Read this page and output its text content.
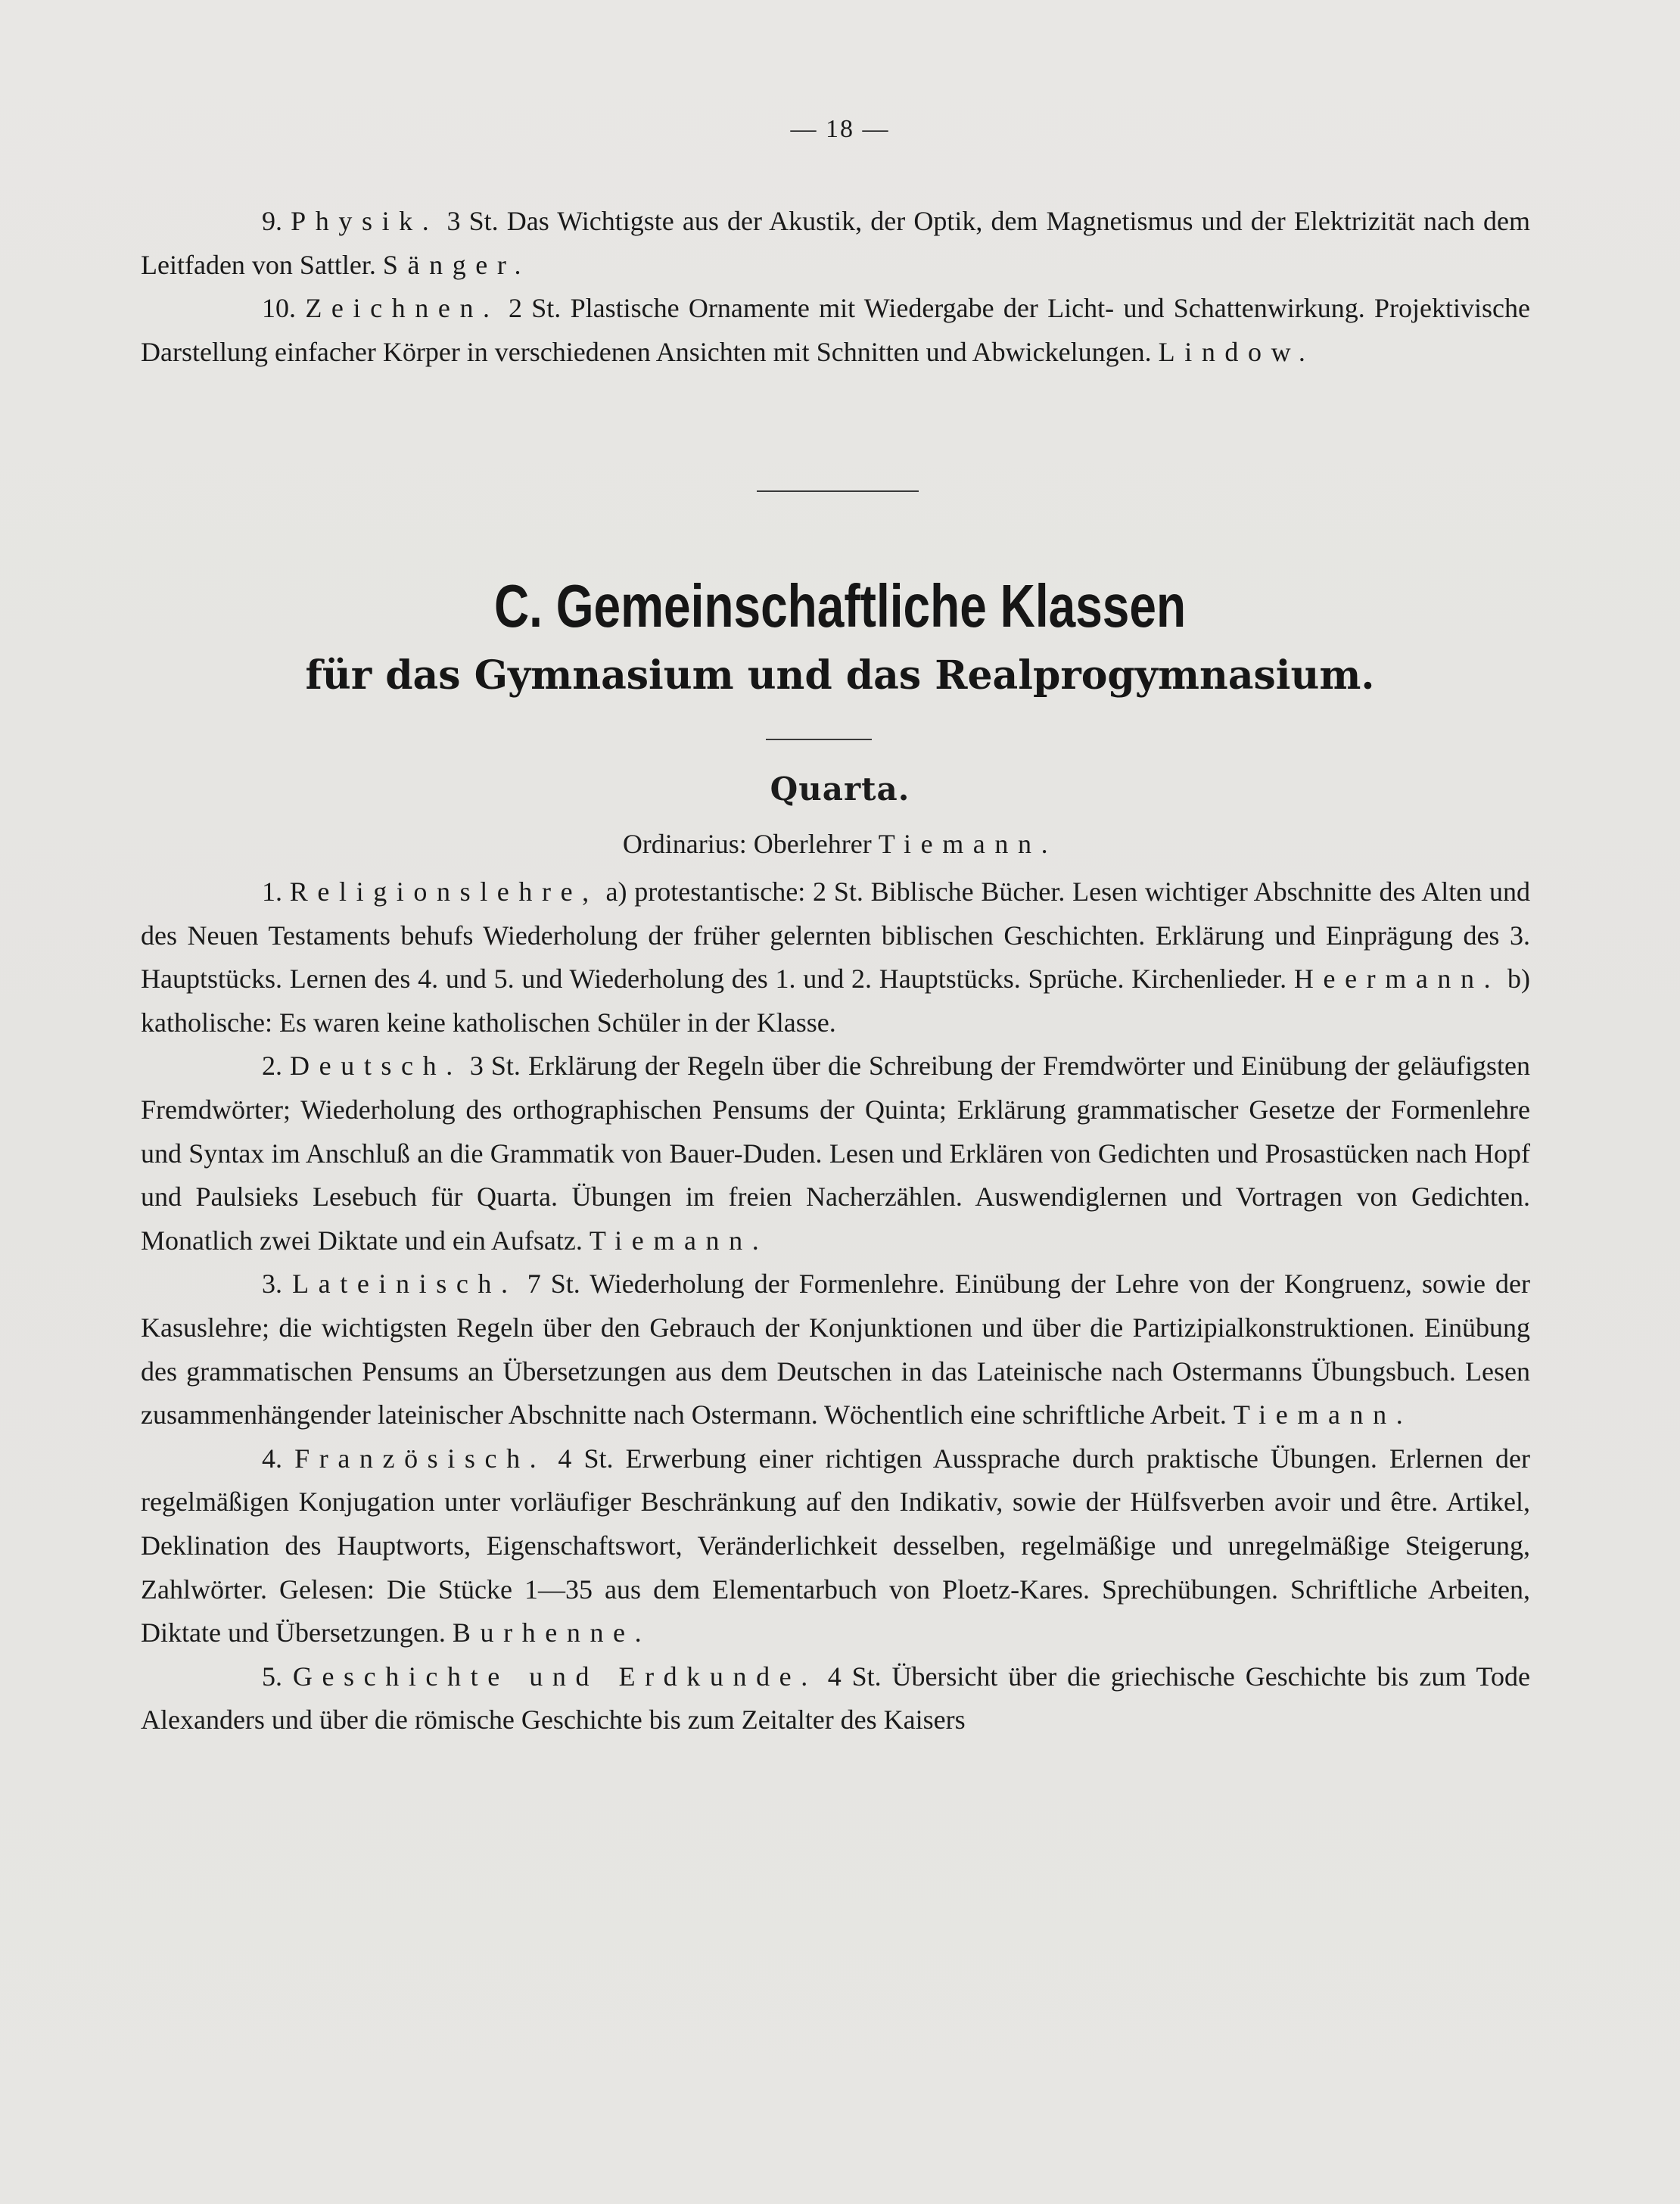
— 18 —

9. Physik. 3 St. Das Wichtigste aus der Akustik, der Optik, dem Magnetismus und der Elektrizität nach dem Leitfaden von Sattler. Sänger.

10. Zeichnen. 2 St. Plastische Ornamente mit Wiedergabe der Licht- und Schattenwirkung. Projektivische Darstellung einfacher Körper in verschiedenen Ansichten mit Schnitten und Abwickelungen. Lindow.

C. Gemeinschaftliche Klassen
für das Gymnasium und das Realprogymnasium.
Quarta.
Ordinarius: Oberlehrer Tiemann.

1. Religionslehre, a) protestantische: 2 St. Biblische Bücher. Lesen wichtiger Abschnitte des Alten und des Neuen Testaments behufs Wiederholung der früher gelernten biblischen Geschichten. Erklärung und Einprägung des 3. Hauptstücks. Lernen des 4. und 5. und Wiederholung des 1. und 2. Hauptstücks. Sprüche. Kirchenlieder. Heermann. b) katholische: Es waren keine katholischen Schüler in der Klasse.

2. Deutsch. 3 St. Erklärung der Regeln über die Schreibung der Fremdwörter und Einübung der geläufigsten Fremdwörter; Wiederholung des orthographischen Pensums der Quinta; Erklärung grammatischer Gesetze der Formenlehre und Syntax im Anschluß an die Grammatik von Bauer-Duden. Lesen und Erklären von Gedichten und Prosastücken nach Hopf und Paulsieks Lesebuch für Quarta. Übungen im freien Nacherzählen. Auswendiglernen und Vortragen von Gedichten. Monatlich zwei Diktate und ein Aufsatz. Tiemann.

3. Lateinisch. 7 St. Wiederholung der Formenlehre. Einübung der Lehre von der Kongruenz, sowie der Kasuslehre; die wichtigsten Regeln über den Gebrauch der Konjunktionen und über die Partizipialkonstruktionen. Einübung des grammatischen Pensums an Übersetzungen aus dem Deutschen in das Lateinische nach Ostermanns Übungsbuch. Lesen zusammenhängender lateinischer Abschnitte nach Ostermann. Wöchentlich eine schriftliche Arbeit. Tiemann.

4. Französisch. 4 St. Erwerbung einer richtigen Aussprache durch praktische Übungen. Erlernen der regelmäßigen Konjugation unter vorläufiger Beschränkung auf den Indikativ, sowie der Hülfsverben avoir und être. Artikel, Deklination des Hauptworts, Eigenschaftswort, Veränderlichkeit desselben, regelmäßige und unregelmäßige Steigerung, Zahlwörter. Gelesen: Die Stücke 1—35 aus dem Elementarbuch von Ploetz-Kares. Sprechübungen. Schriftliche Arbeiten, Diktate und Übersetzungen. Burhenne.

5. Geschichte und Erdkunde. 4 St. Übersicht über die griechische Geschichte bis zum Tode Alexanders und über die römische Geschichte bis zum Zeitalter des Kaisers
